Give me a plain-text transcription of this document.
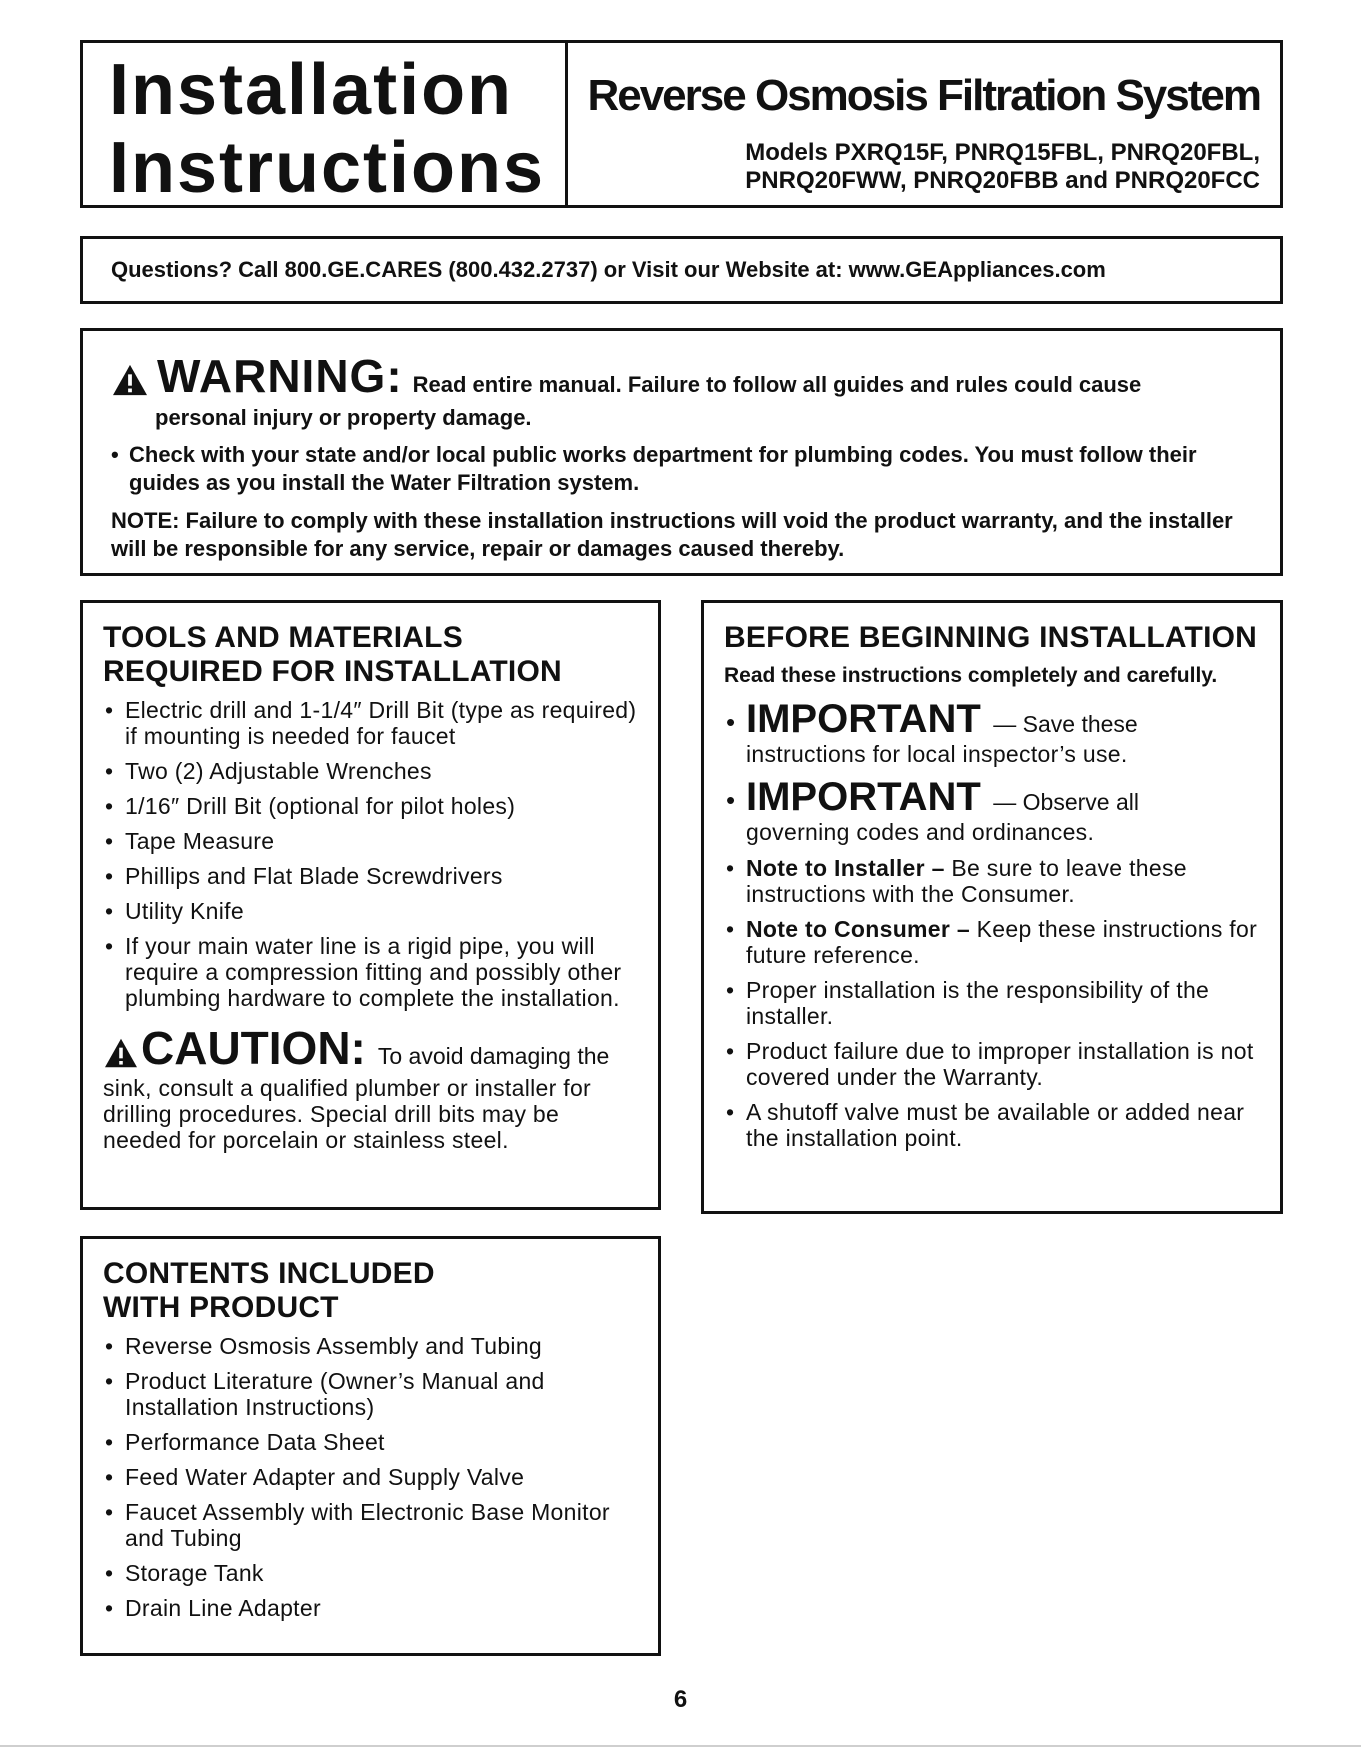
Installation
Instructions
Reverse Osmosis Filtration System
Models PXRQ15F, PNRQ15FBL, PNRQ20FBL,
PNRQ20FWW, PNRQ20FBB and PNRQ20FCC
Questions? Call 800.GE.CARES (800.432.2737) or Visit our Website at: www.GEAppliances.com
WARNING: Read entire manual. Failure to follow all guides and rules could cause
personal injury or property damage.
• Check with your state and/or local public works department for plumbing codes. You must follow their guides as you install the Water Filtration system.
NOTE: Failure to comply with these installation instructions will void the product warranty, and the installer will be responsible for any service, repair or damages caused thereby.
TOOLS AND MATERIALS
REQUIRED FOR INSTALLATION
• Electric drill and 1-1/4″ Drill Bit (type as required) if mounting is needed for faucet
• Two (2) Adjustable Wrenches
• 1/16″ Drill Bit (optional for pilot holes)
• Tape Measure
• Phillips and Flat Blade Screwdrivers
• Utility Knife
• If your main water line is a rigid pipe, you will require a compression fitting and possibly other plumbing hardware to complete the installation.
CAUTION: To avoid damaging the
sink, consult a qualified plumber or installer for drilling procedures. Special drill bits may be needed for porcelain or stainless steel.
BEFORE BEGINNING INSTALLATION
Read these instructions completely and carefully.
• IMPORTANT — Save these
instructions for local inspector’s use.
• IMPORTANT — Observe all
governing codes and ordinances.
• Note to Installer – Be sure to leave these instructions with the Consumer.
• Note to Consumer – Keep these instructions for future reference.
• Proper installation is the responsibility of the installer.
• Product failure due to improper installation is not covered under the Warranty.
• A shutoff valve must be available or added near the installation point.
CONTENTS INCLUDED
WITH PRODUCT
• Reverse Osmosis Assembly and Tubing
• Product Literature (Owner’s Manual and Installation Instructions)
• Performance Data Sheet
• Feed Water Adapter and Supply Valve
• Faucet Assembly with Electronic Base Monitor and Tubing
• Storage Tank
• Drain Line Adapter
6
